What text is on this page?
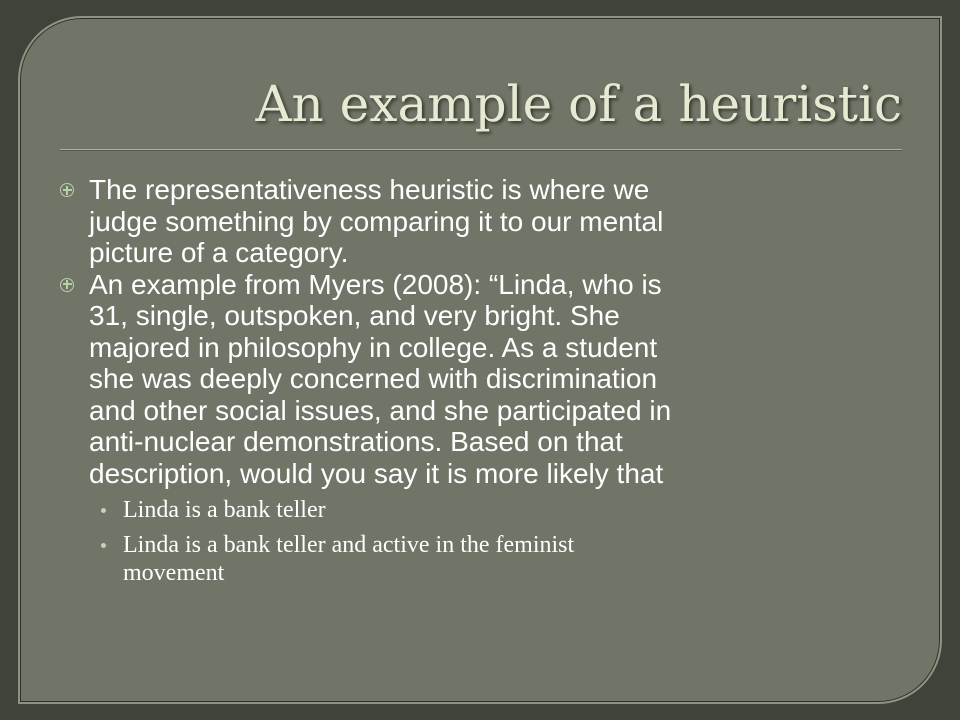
An example of a heuristic
The representativeness heuristic is where we
judge something by comparing it to our mental
picture of a category.
An example from Myers (2008): “Linda, who is
31, single, outspoken, and very bright. She
majored in philosophy in college. As a student
she was deeply concerned with discrimination
and other social issues, and she participated in
anti-nuclear demonstrations. Based on that
description, would you say it is more likely that
Linda is a bank teller
Linda is a bank teller and active in the feminist
movement
